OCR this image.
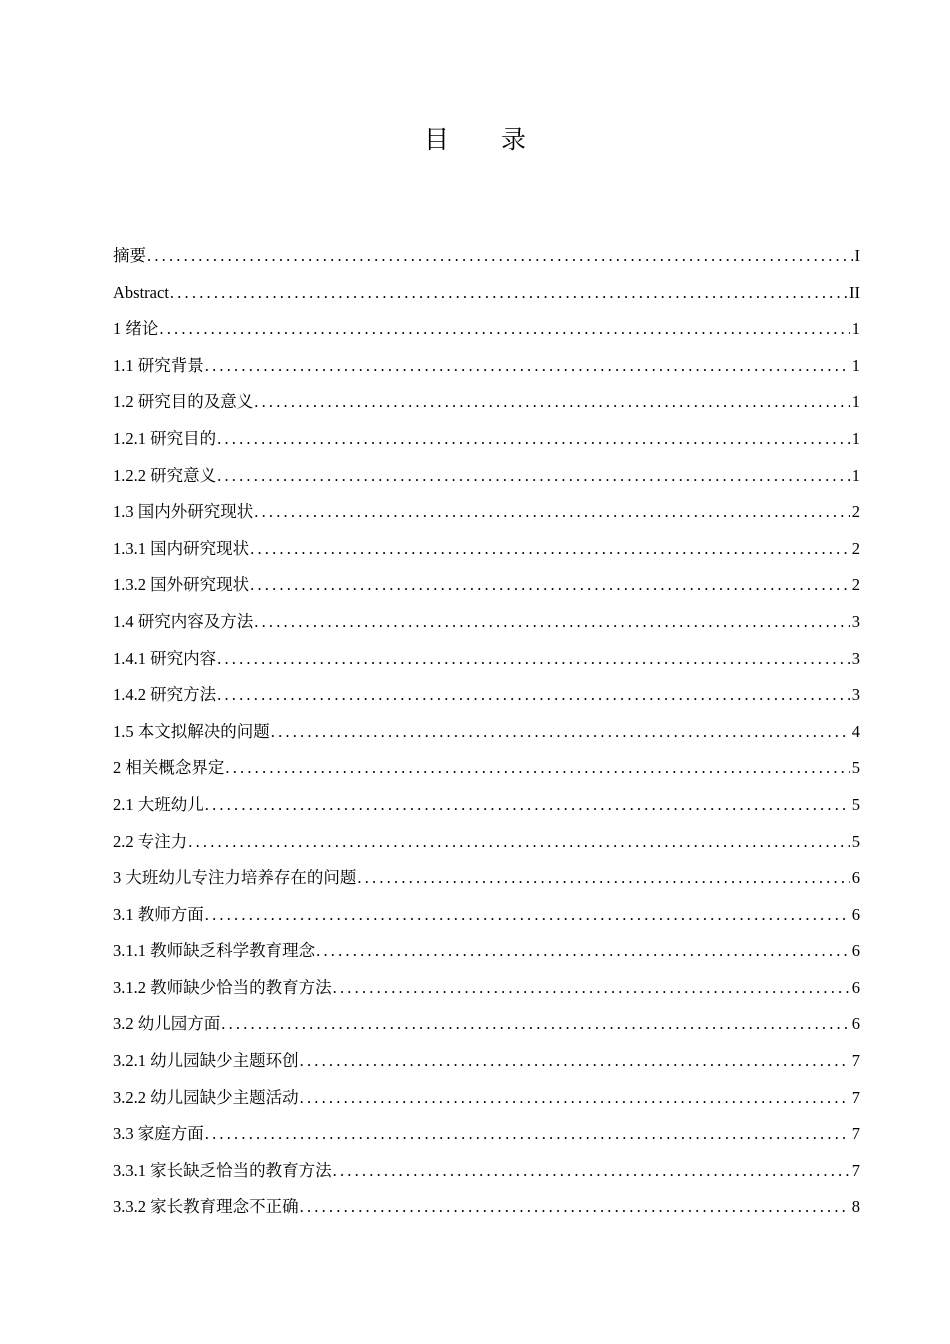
目 录
摘要 .....	I
Abstract .....	II
1 绪论 .....	1
1.1 研究背景 .....	1
1.2 研究目的及意义 .....	1
1.2.1 研究目的 .....	1
1.2.2 研究意义 .....	1
1.3 国内外研究现状 .....	2
1.3.1 国内研究现状 .....	2
1.3.2 国外研究现状 .....	2
1.4 研究内容及方法 .....	3
1.4.1 研究内容 .....	3
1.4.2 研究方法 .....	3
1.5 本文拟解决的问题 .....	4
2 相关概念界定 .....	5
2.1 大班幼儿 .....	5
2.2 专注力 .....	5
3 大班幼儿专注力培养存在的问题 .....	6
3.1 教师方面 .....	6
3.1.1 教师缺乏科学教育理念 .....	6
3.1.2 教师缺少恰当的教育方法 .....	6
3.2 幼儿园方面 .....	6
3.2.1 幼儿园缺少主题环创 .....	7
3.2.2 幼儿园缺少主题活动 .....	7
3.3 家庭方面 .....	7
3.3.1 家长缺乏恰当的教育方法 .....	7
3.3.2 家长教育理念不正确 .....	8
